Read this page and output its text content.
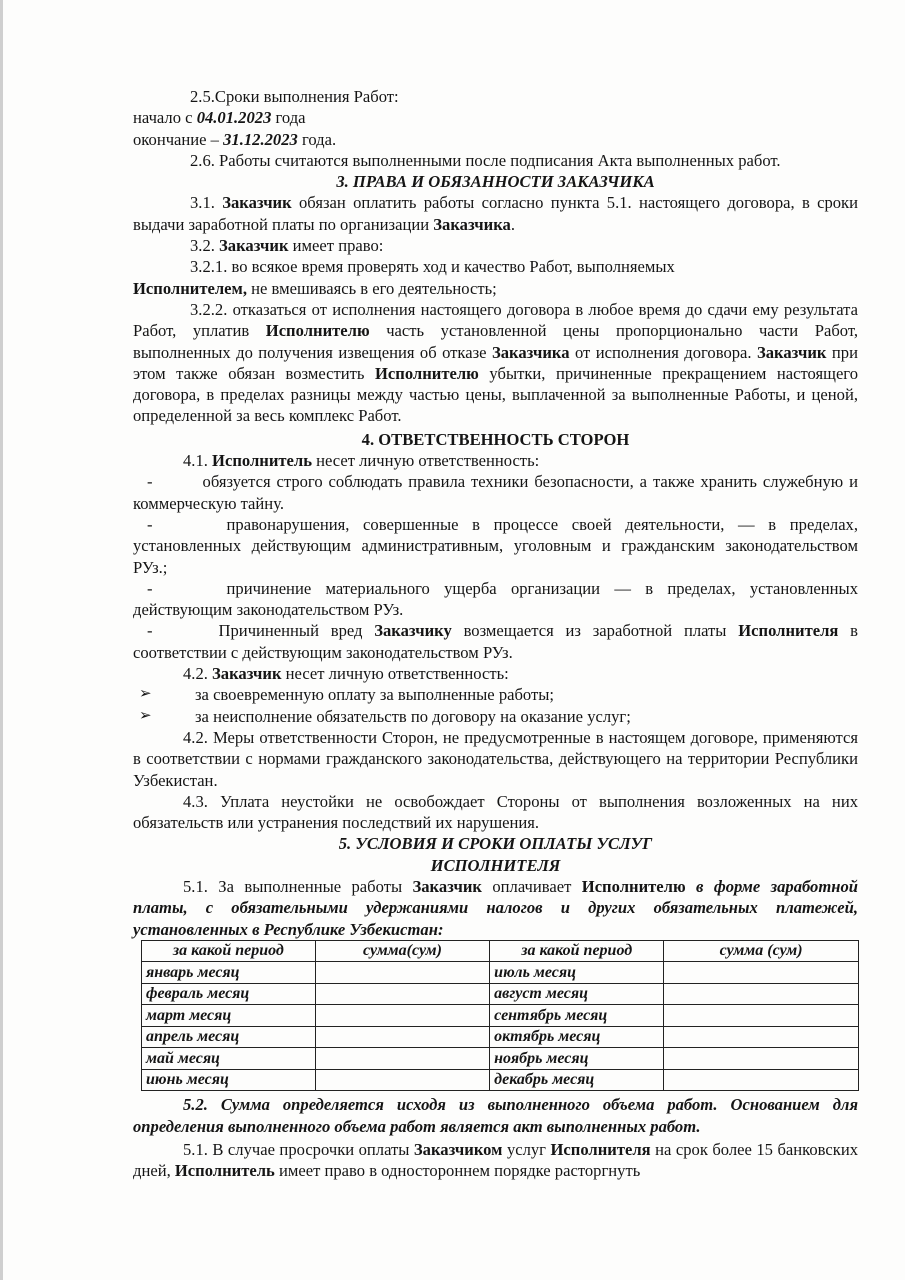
2.5.Сроки выполнения Работ:

начало с 04.01.2023 года

окончание – 31.12.2023 года.

2.6. Работы считаются выполненными после подписания Акта выполненных работ.

3. ПРАВА И ОБЯЗАННОСТИ ЗАКАЗЧИКА

3.1. Заказчик обязан оплатить работы согласно пункта 5.1. настоящего договора, в сроки выдачи заработной платы по организации Заказчика.

3.2. Заказчик имеет право:

3.2.1. во всякое время проверять ход и качество Работ, выполняемых
Исполнителем, не вмешиваясь в его деятельность;

3.2.2. отказаться от исполнения настоящего договора в любое время до сдачи ему результата Работ, уплатив Исполнителю часть установленной цены пропорционально части Работ, выполненных до получения извещения об отказе Заказчика от исполнения договора. Заказчик при этом также обязан возместить Исполнителю убытки, причиненные прекращением настоящего договора, в пределах разницы между частью цены, выплаченной за выполненные Работы, и ценой, определенной за весь комплекс Работ.

4. ОТВЕТСТВЕННОСТЬ СТОРОН

4.1. Исполнитель несет личную ответственность:

-	обязуется строго соблюдать правила техники безопасности, а также хранить служебную и коммерческую тайну.

-	правонарушения, совершенные в процессе своей деятельности, — в пределах, установленных действующим административным, уголовным и гражданским законодательством РУз.;

-	причинение материального ущерба организации — в пределах, установленных действующим законодательством РУз.

-	Причиненный вред Заказчику возмещается из заработной платы Исполнителя в соответствии с действующим законодательством РУз.

4.2. Заказчик несет личную ответственность:

➢	за своевременную оплату за выполненные работы;
➢	за неисполнение обязательств по договору на оказание услуг;

4.2. Меры ответственности Сторон, не предусмотренные в настоящем договоре, применяются в соответствии с нормами гражданского законодательства, действующего на территории Республики Узбекистан.

4.3. Уплата неустойки не освобождает Стороны от выполнения возложенных на них обязательств или устранения последствий их нарушения.

5. УСЛОВИЯ И СРОКИ ОПЛАТЫ УСЛУГ

ИСПОЛНИТЕЛЯ

5.1. За выполненные работы Заказчик оплачивает Исполнителю в форме заработной платы, с обязательными удержаниями налогов и других обязательных платежей, установленных в Республике Узбекистан:

за какой период	сумма(сум)	за какой период	сумма (сум)
январь месяц		июль месяц	
февраль месяц		август месяц	
март месяц		сентябрь месяц	
апрель месяц		октябрь месяц	
май месяц		ноябрь месяц	
июнь месяц		декабрь месяц	

5.2. Сумма определяется исходя из выполненного объема работ. Основанием для определения выполненного объема работ является акт выполненных работ.

5.1. В случае просрочки оплаты Заказчиком услуг Исполнителя на срок более 15 банковских дней, Исполнитель имеет право в одностороннем порядке расторгнуть
